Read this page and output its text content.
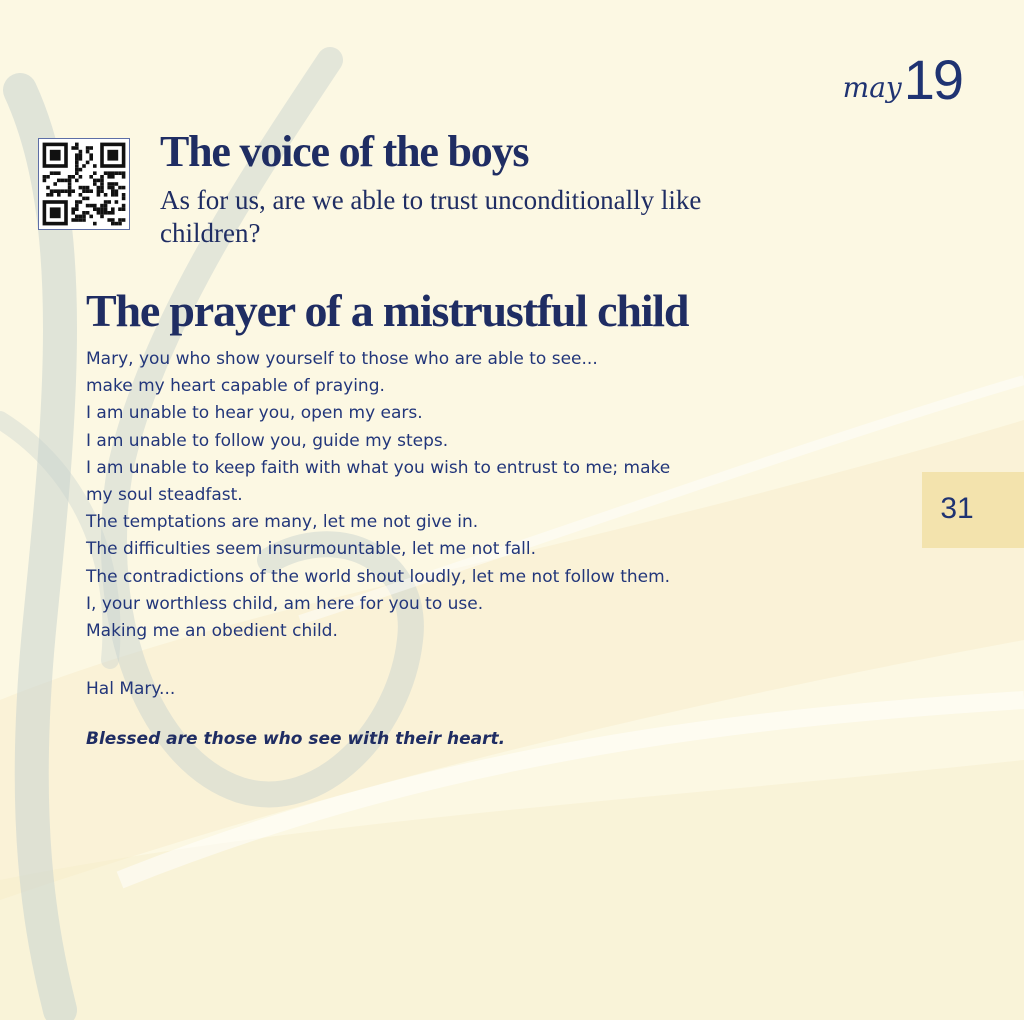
may 19
The voice of the boys

As for us, are we able to trust unconditionally like children?

The prayer of a mistrustful child
Mary, you who show yourself to those who are able to see...
make my heart capable of praying.
I am unable to hear you, open my ears.
I am unable to follow you, guide my steps.
I am unable to keep faith with what you wish to entrust to me; make
my soul steadfast.
The temptations are many, let me not give in.
The difficulties seem insurmountable, let me not fall.
The contradictions of the world shout loudly, let me not follow them.
I, your worthless child, am here for you to use.
Making me an obedient child.
Hal Mary...
Blessed are those who see with their heart.
31
